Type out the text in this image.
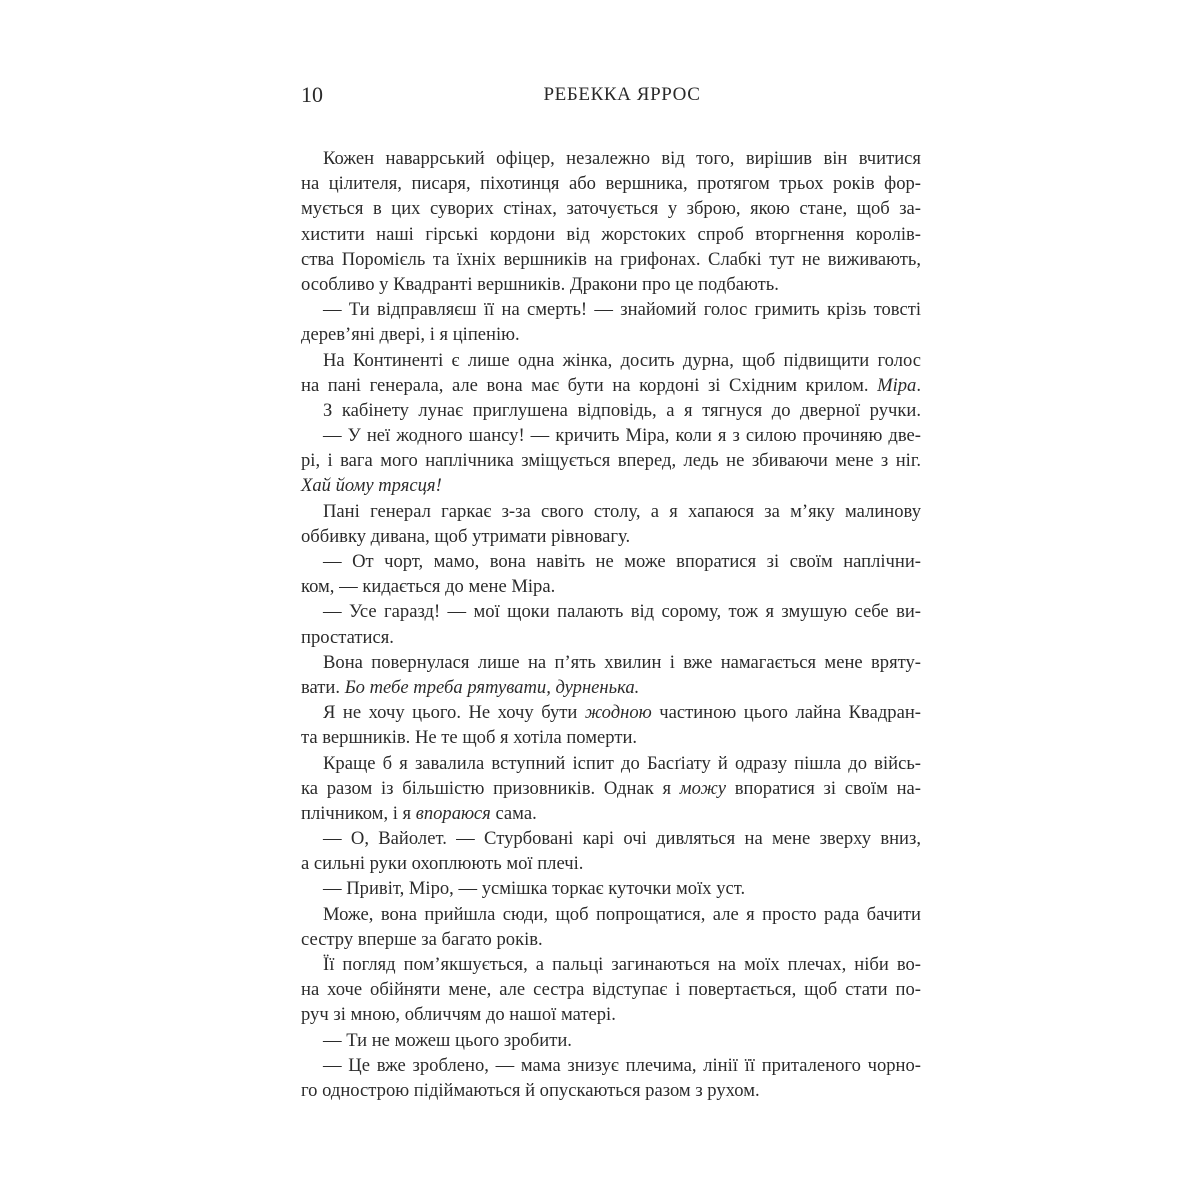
10	РЕБЕККА ЯРРОС
Кожен наваррський офіцер, незалежно від того, вирішив він вчитися
на цілителя, писаря, піхотинця або вершника, протягом трьох років фор-
мується в цих суворих стінах, заточується у зброю, якою стане, щоб за-
хистити наші гірські кордони від жорстоких спроб вторгнення королів-
ства Поромієль та їхніх вершників на грифонах. Слабкі тут не виживають,
особливо у Квадранті вершників. Дракони про це подбають.
— Ти відправляєш її на смерть! — знайомий голос гримить крізь товсті
дерев’яні двері, і я ціпенію.
На Континенті є лише одна жінка, досить дурна, щоб підвищити голос
на пані генерала, але вона має бути на кордоні зі Східним крилом. Міра.
З кабінету лунає приглушена відповідь, а я тягнуся до дверної ручки.
— У неї жодного шансу! — кричить Міра, коли я з силою прочиняю две-
рі, і вага мого наплічника зміщується вперед, ледь не збиваючи мене з ніг.
Хай йому трясця!
Пані генерал гаркає з-за свого столу, а я хапаюся за м’яку малинову
оббивку дивана, щоб утримати рівновагу.
— От чорт, мамо, вона навіть не може впоратися зі своїм наплічни-
ком, — кидається до мене Міра.
— Усе гаразд! — мої щоки палають від сорому, тож я змушую себе ви-
простатися.
Вона повернулася лише на п’ять хвилин і вже намагається мене вряту-
вати. Бо тебе треба рятувати, дурненька.
Я не хочу цього. Не хочу бути жодною частиною цього лайна Квадран-
та вершників. Не те щоб я хотіла померти.
Краще б я завалила вступний іспит до Басґіату й одразу пішла до війсь-
ка разом із більшістю призовників. Однак я можу впоратися зі своїм на-
плічником, і я впораюся сама.
— О, Вайолет. — Стурбовані карі очі дивляться на мене зверху вниз,
а сильні руки охоплюють мої плечі.
— Привіт, Міро, — усмішка торкає куточки моїх уст.
Може, вона прийшла сюди, щоб попрощатися, але я просто рада бачити
сестру вперше за багато років.
Її погляд пом’якшується, а пальці загинаються на моїх плечах, ніби во-
на хоче обійняти мене, але сестра відступає і повертається, щоб стати по-
руч зі мною, обличчям до нашої матері.
— Ти не можеш цього зробити.
— Це вже зроблено, — мама знизує плечима, лінії її приталеного чорно-
го однострою підіймаються й опускаються разом з рухом.
